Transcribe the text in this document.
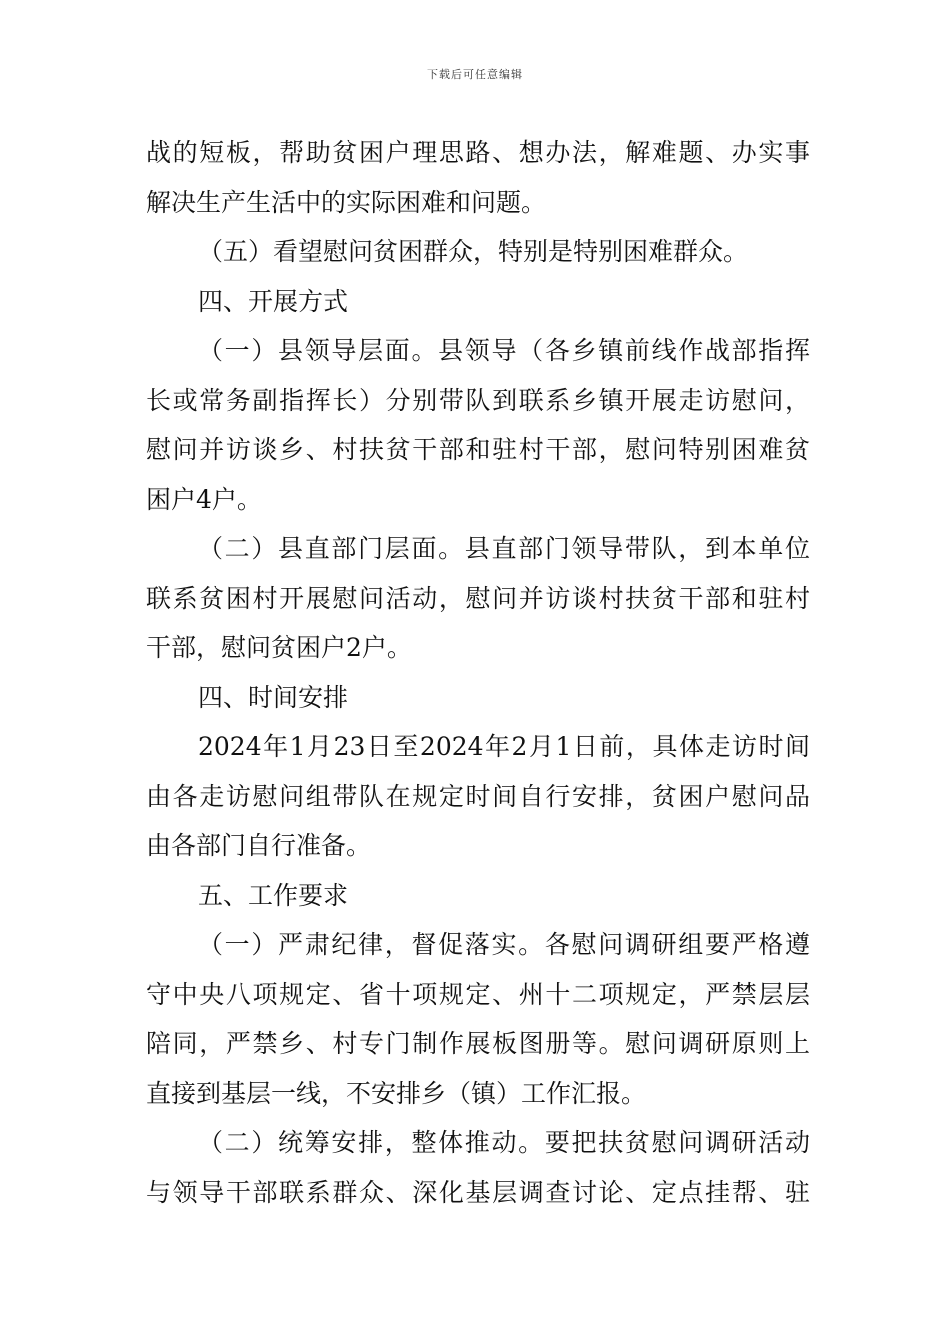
下载后可任意编辑
战的短板，帮助贫困户理思路、想办法，解难题、办实事
解决生产生活中的实际困难和问题。
（五）看望慰问贫困群众，特别是特别困难群众。
四、开展方式
（一）县领导层面。县领导（各乡镇前线作战部指挥
长或常务副指挥长）分别带队到联系乡镇开展走访慰问，
慰问并访谈乡、村扶贫干部和驻村干部，慰问特别困难贫
困户4户。
（二）县直部门层面。县直部门领导带队，到本单位
联系贫困村开展慰问活动，慰问并访谈村扶贫干部和驻村
干部，慰问贫困户2户。
四、时间安排
2024年1月23日至2024年2月1日前，具体走访时间
由各走访慰问组带队在规定时间自行安排，贫困户慰问品
由各部门自行准备。
五、工作要求
（一）严肃纪律，督促落实。各慰问调研组要严格遵
守中央八项规定、省十项规定、州十二项规定，严禁层层
陪同，严禁乡、村专门制作展板图册等。慰问调研原则上
直接到基层一线，不安排乡（镇）工作汇报。
（二）统筹安排，整体推动。要把扶贫慰问调研活动
与领导干部联系群众、深化基层调查讨论、定点挂帮、驻
